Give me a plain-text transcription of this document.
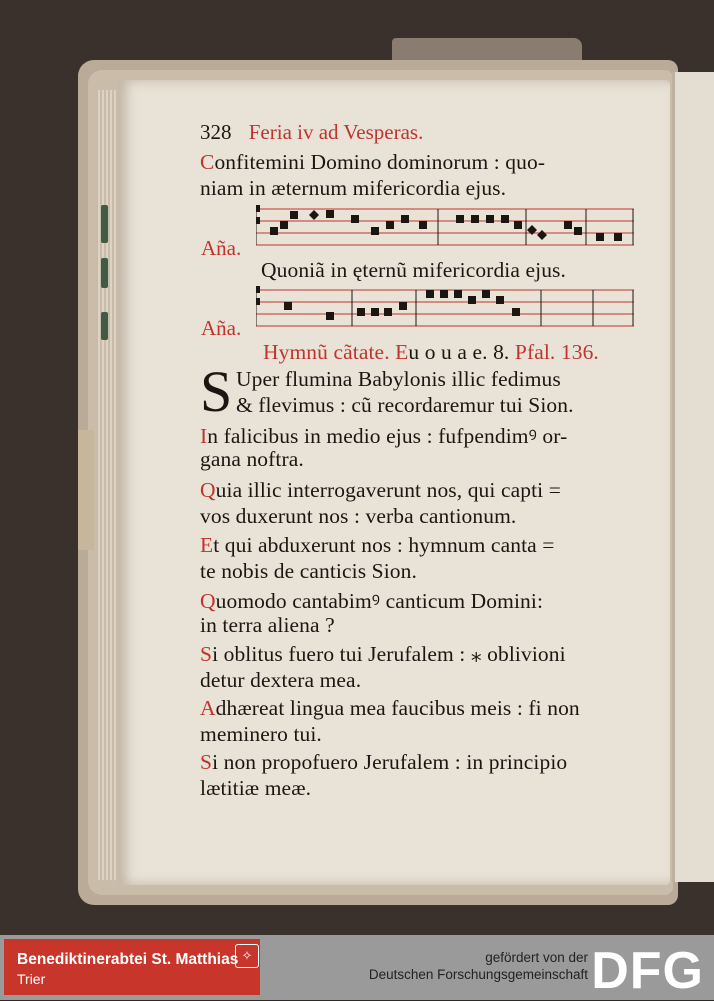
328 Feria iv ad Vesperas.
Confitemini Domino dominorum : quo-
niam in æternum mifericordia ejus.
Aña.
Quoniã in ęternũ mifericordia ejus.
Aña.
Hymnũ cãtate. Eu o u a e. 8. Pfal. 136.
S Uper flumina Babylonis illic fedimus
& flevimus : cũ recordaremur tui Sion.
In falicibus in medio ejus : fufpendimꝰ or-
gana noftra.
Quia illic interrogaverunt nos, qui capti =
vos duxerunt nos : verba cantionum.
Et qui abduxerunt nos : hymnum canta =
te nobis de canticis Sion.
Quomodo cantabimꝰ canticum Domini:
in terra aliena ?
Si oblitus fuero tui Jerufalem : ⁎ oblivioni
detur dextera mea.
Adhæreat lingua mea faucibus meis : fi non
meminero tui.
Si non propofuero Jerufalem : in principio
lætitiæ meæ.
Benediktinerabtei St. Matthias
Trier
✧	gefördert von der
Deutschen Forschungsgemeinschaft DFG
